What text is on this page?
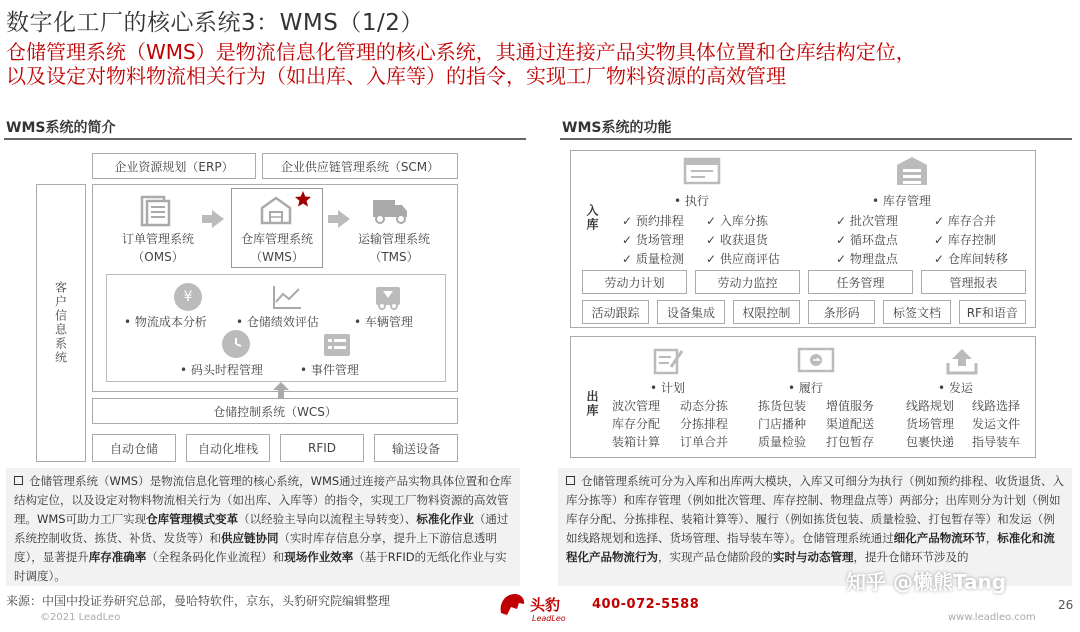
数字化工厂的核心系统3：WMS（1/2）
仓储管理系统（WMS）是物流信息化管理的核心系统，其通过连接产品实物具体位置和仓库结构定位，
以及设定对物料物流相关行为（如出库、入库等）的指令，实现工厂物料资源的高效管理
WMS系统的简介
企业资源规划（ERP）	企业供应链管理系统（SCM）
客户信息系统
订单管理系统
（OMS）
仓库管理系统
（WMS）
运输管理系统
（TMS）
¥
• 物流成本分析 • 仓储绩效评估	• 车辆管理
• 码头时程管理	• 事件管理
仓储控制系统（WCS）
自动仓储	自动化堆栈	RFID	输送设备
仓储管理系统（WMS）是物流信息化管理的核心系统，WMS通过连接产品实物具体位置和仓库结构定位，以及设定对物料物流相关行为（如出库、入库等）的指令，实现工厂物料资源的高效管理。WMS可助力工厂实现仓库管理模式变革（以经验主导向以流程主导转变）、标准化作业（通过系统控制收货、拣货、补货、发货等）和供应链协同（实时库存信息分享，提升上下游信息透明度），显著提升库存准确率（全程条码化作业流程）和现场作业效率（基于RFID的无纸化作业与实时调度）。
WMS系统的功能
入库
• 执行
✓ 预约排程 ✓ 入库分拣
✓ 货场管理 ✓ 收获退货
✓ 质量检测 ✓ 供应商评估
• 库存管理
✓ 批次管理	✓ 库存合并
✓ 循环盘点	✓ 库存控制
✓ 物理盘点	✓ 仓库间转移
劳动力计划	劳动力监控	任务管理	管理报表
活动跟踪	设备集成	权限控制	条形码	标签文档	RF和语音
出库
• 计划
波次管理 动态分拣
库存分配 分拣排程
装箱计算 订单合并
• 履行
拣货包装 增值服务
门店播种 渠道配送
质量检验 打包暂存
• 发运
线路规划 线路选择
货场管理 发运文件
包裹快递 指导装车
仓储管理系统可分为入库和出库两大模块，入库又可细分为执行（例如预约排程、收货退货、入库分拣等）和库存管理（例如批次管理、库存控制、物理盘点等）两部分；出库则分为计划（例如库存分配、分拣排程、装箱计算等）、履行（例如拣货包装、质量检验、打包暂存等）和发运（例如线路规划和选择、货场管理、指导装车等）。仓储管理系统通过细化产品物流环节，标准化和流程化产品物流行为，实现产品仓储阶段的实时与动态管理，提升仓储环节涉及的
知乎 @懒熊Tang
来源：中国中投证券研究总部，曼哈特软件，京东，头豹研究院编辑整理
©2021 LeadLeo
头豹
LeadLeo
400-072-5588
www.leadleo.com
26
